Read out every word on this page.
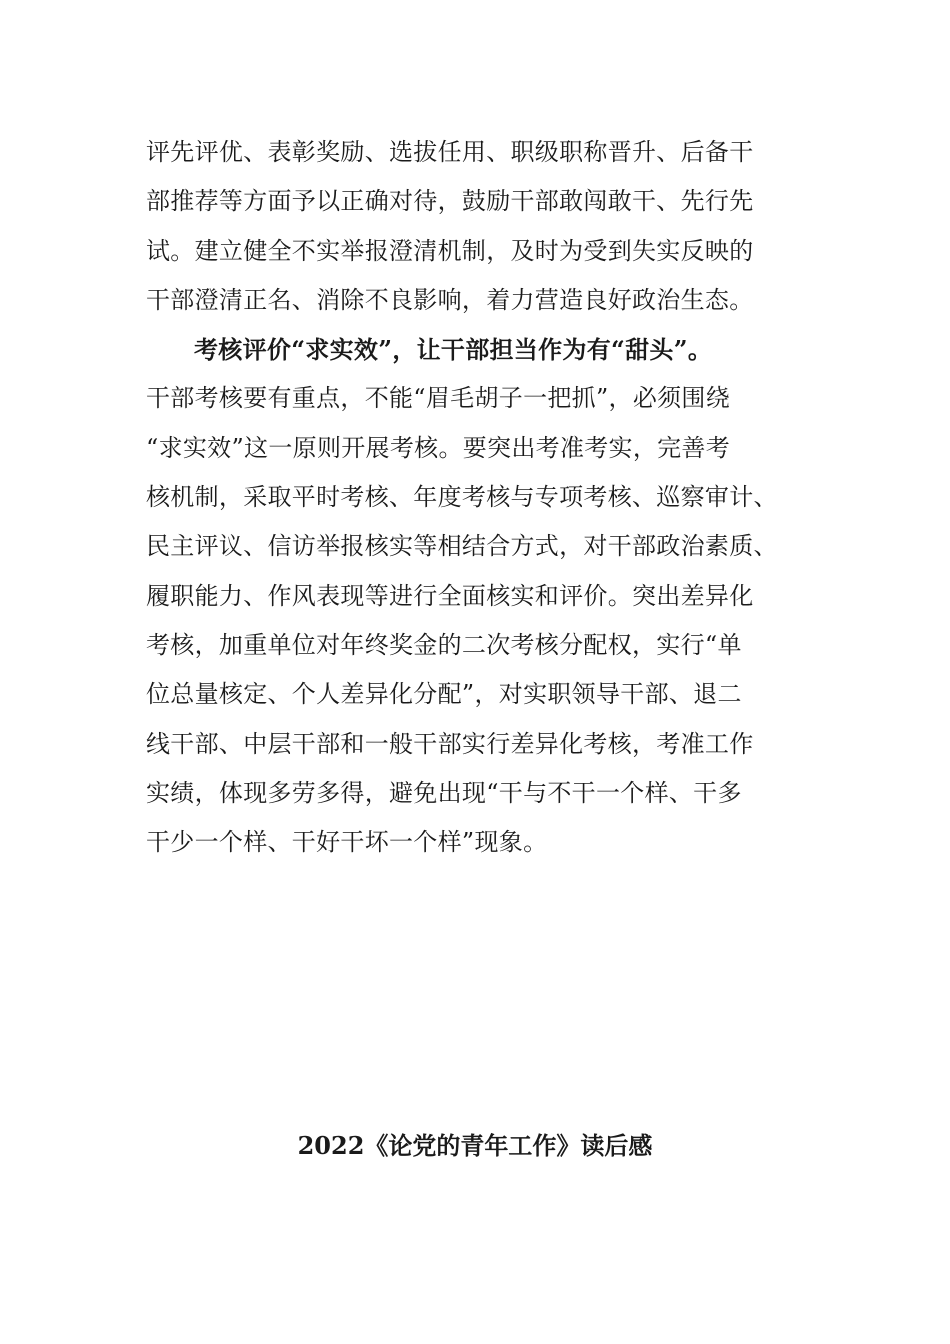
评先评优、表彰奖励、选拔任用、职级职称晋升、后备干
部推荐等方面予以正确对待，鼓励干部敢闯敢干、先行先
试。建立健全不实举报澄清机制，及时为受到失实反映的
干部澄清正名、消除不良影响，着力营造良好政治生态。
考核评价“求实效”，让干部担当作为有“甜头”。
干部考核要有重点，不能“眉毛胡子一把抓”，必须围绕
“求实效”这一原则开展考核。要突出考准考实，完善考
核机制，采取平时考核、年度考核与专项考核、巡察审计、
民主评议、信访举报核实等相结合方式，对干部政治素质、
履职能力、作风表现等进行全面核实和评价。突出差异化
考核，加重单位对年终奖金的二次考核分配权，实行“单
位总量核定、个人差异化分配”，对实职领导干部、退二
线干部、中层干部和一般干部实行差异化考核，考准工作
实绩，体现多劳多得，避免出现“干与不干一个样、干多
干少一个样、干好干坏一个样”现象。
2022《论党的青年工作》读后感
